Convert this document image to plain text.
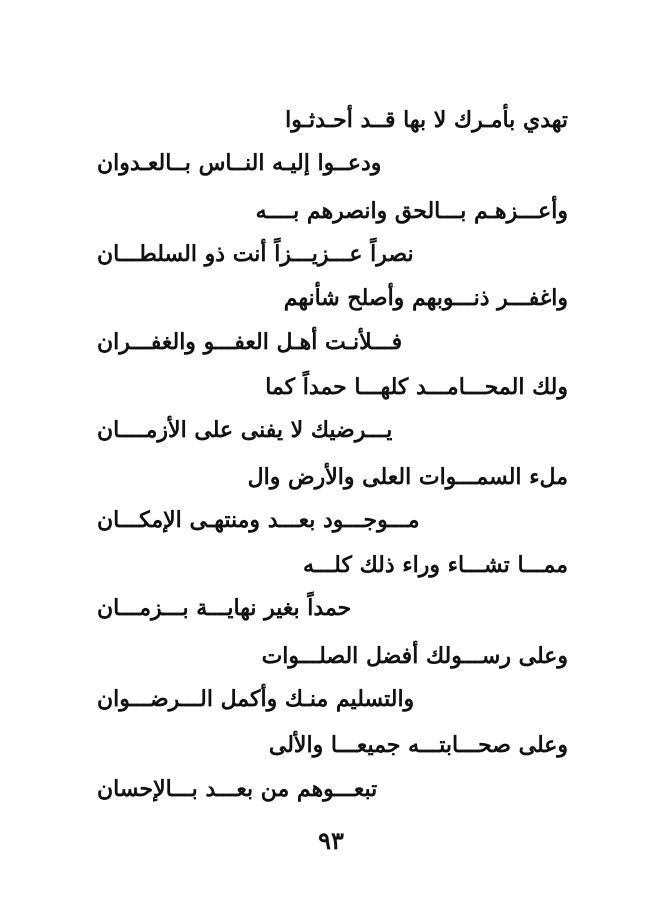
تهدي بأمـرك لا بها قــد أحـدثـوا
ودعــوا إليـه النــاس بــالعـدوان
وأعـــزهـم بـــالحق وانصرهم بــــه
نصراً عـــزيـــزاً أنت ذو السلطـــان
واغفـــر ذنـــوبهم وأصلح شأنهم
فـــلأنـت أهـل العفـــو والغفـــران
ولك المحـــامـــد كلهـــا حمداً كما
يـــرضيك لا يفنى على الأزمــــان
ملء السمـــوات العلى والأرض وال
مـــوجـــود بعـــد ومنتهـى الإمكـــان
ممـــا تشـــاء وراء ذلك كلـــه
حمداً بغير نهايـــة بـــزمـــان
وعلى رســـولك أفضل الصلـــوات
والتسليم منـك وأكمل الـــرضـــوان
وعلى صحـــابتـــه جميعـــا والألى
تبعـــوهم من بعـــد بـــالإحسان
٩٣
